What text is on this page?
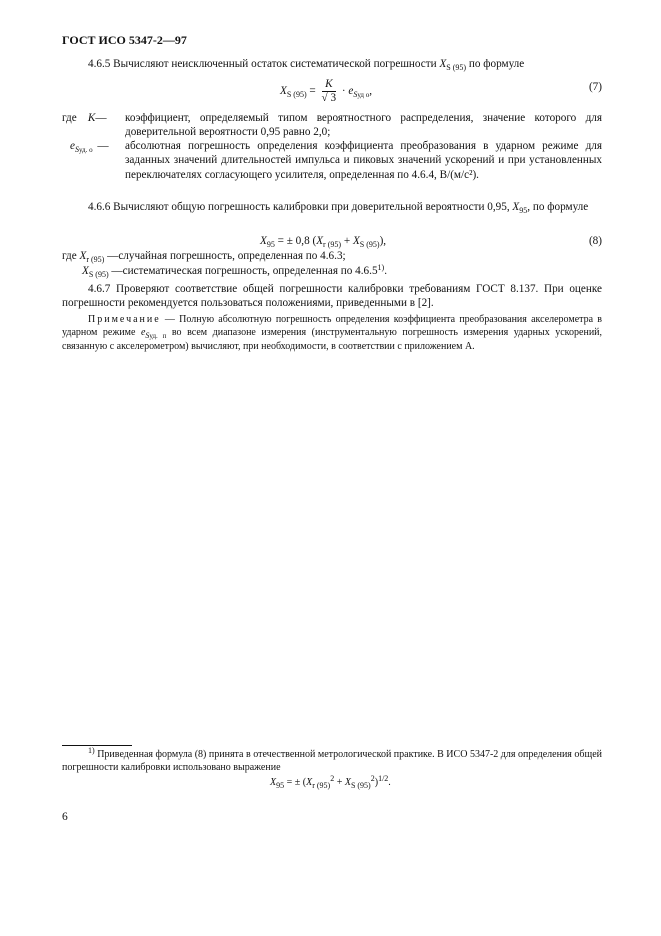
ГОСТ ИСО 5347-2—97
4.6.5 Вычисляют неисключенный остаток систематической погрешности $X_{S (95)}$ по формуле
$X_{S (95)} = \frac{K}{√ 3} \cdot e_{Sуд о}$,	(7)
где K—	коэффициент, определяемый типом вероятностного распределения, значение которого для доверительной вероятности 0,95 равно 2,0;
$e_{Sуд. о}$ —	абсолютная погрешность определения коэффициента преобразования в ударном режиме для заданных значений длительностей импульса и пиковых значений ускорений и при установленных переключателях согласующего усилителя, определенная по 4.6.4, В/(м/с²).
4.6.6 Вычисляют общую погрешность калибровки при доверительной вероятности 0,95, $X_{95}$, по формуле
$X_{95}$ = ± 0,8 $(X_{r (95)} + X_{S (95)})$,	(8)
где $X_{r (95)}$ —случайная погрешность, определенная по 4.6.3;
$X_{S (95)}$ —систематическая погрешность, определенная по 4.6.5$^{1)}$.
4.6.7 Проверяют соответствие общей погрешности калибровки требованиям ГОСТ 8.137. При оценке погрешности рекомендуется пользоваться положениями, приведенными в [2].
Примечание — Полную абсолютную погрешность определения коэффициента преобразования акселерометра в ударном режиме $e_{Sуд. п}$ во всем диапазоне измерения (инструментальную погрешность измерения ударных ускорений, связанную с акселерометром) вычисляют, при необходимости, в соответствии с приложением А.
$^{1)}$ Приведенная формула (8) принята в отечественной метрологической практике. В ИСО 5347-2 для определения общей погрешности калибровки использовано выражение
$X_{95}$ = ± $(X_{r (95)}^2 + X_{S (95)}^2)^{1/2}$.
6
